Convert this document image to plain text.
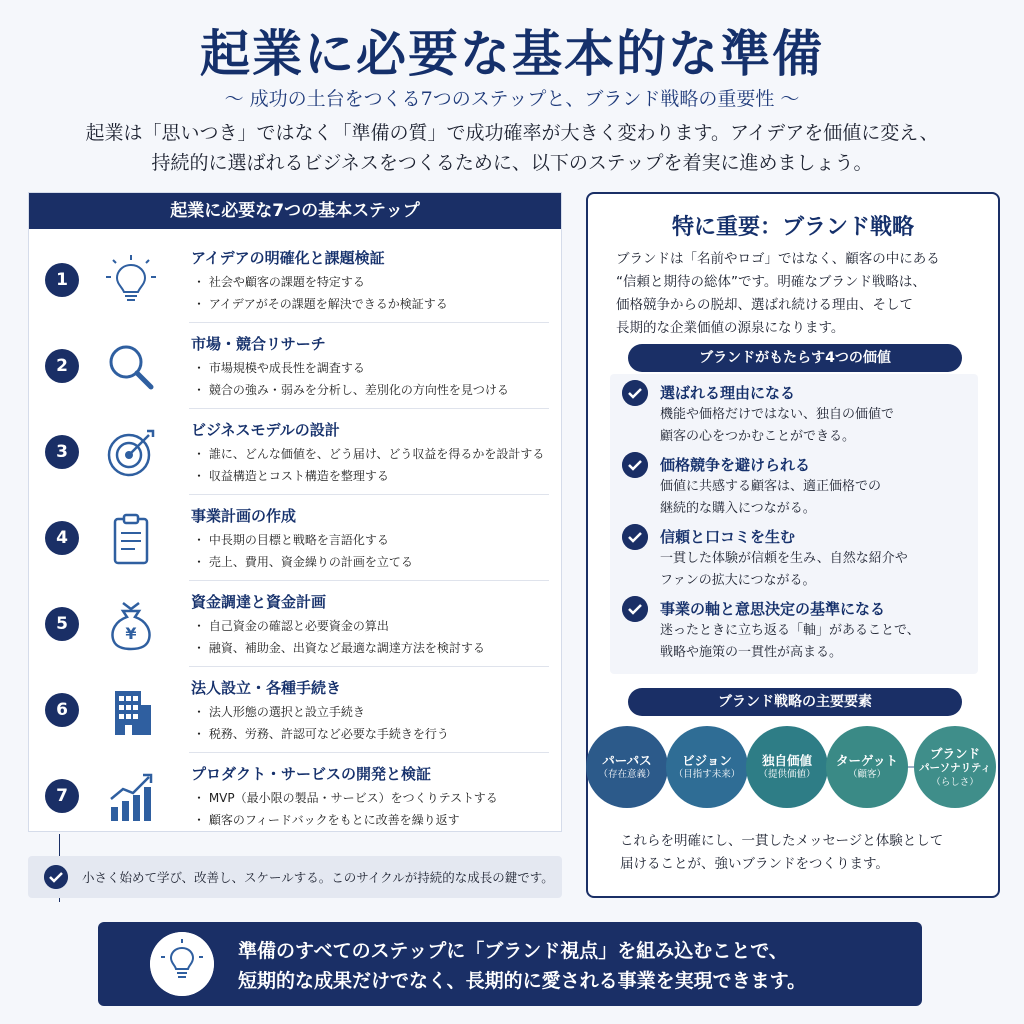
起業に必要な基本的な準備
〜 成功の土台をつくる7つのステップと、ブランド戦略の重要性 〜
起業は「思いつき」ではなく「準備の質」で成功確率が大きく変わります。アイデアを価値に変え、
持続的に選ばれるビジネスをつくるために、以下のステップを着実に進めましょう。
起業に必要な7つの基本ステップ
1
アイデアの明確化と課題検証
・ 社会や顧客の課題を特定する
・ アイデアがその課題を解決できるか検証する
2
市場・競合リサーチ
・ 市場規模や成長性を調査する
・ 競合の強み・弱みを分析し、差別化の方向性を見つける
3
ビジネスモデルの設計
・ 誰に、どんな価値を、どう届け、どう収益を得るかを設計する
・ 収益構造とコスト構造を整理する
4
事業計画の作成
・ 中長期の目標と戦略を言語化する
・ 売上、費用、資金繰りの計画を立てる
5	¥
資金調達と資金計画
・ 自己資金の確認と必要資金の算出
・ 融資、補助金、出資など最適な調達方法を検討する
6
法人設立・各種手続き
・ 法人形態の選択と設立手続き
・ 税務、労務、許認可など必要な手続きを行う
7
プロダクト・サービスの開発と検証
・ MVP（最小限の製品・サービス）をつくりテストする
・ 顧客のフィードバックをもとに改善を繰り返す
小さく始めて学び、改善し、スケールする。このサイクルが持続的な成長の鍵です。
特に重要：ブランド戦略
ブランドは「名前やロゴ」ではなく、顧客の中にある
“信頼と期待の総体”です。明確なブランド戦略は、
価格競争からの脱却、選ばれ続ける理由、そして
長期的な企業価値の源泉になります。
ブランドがもたらす4つの価値
選ばれる理由になる
機能や価格だけではない、独自の価値で
顧客の心をつかむことができる。
価格競争を避けられる
価値に共感する顧客は、適正価格での
継続的な購入につながる。
信頼と口コミを生む
一貫した体験が信頼を生み、自然な紹介や
ファンの拡大につながる。
事業の軸と意思決定の基準になる
迷ったときに立ち返る「軸」があることで、
戦略や施策の一貫性が高まる。
ブランド戦略の主要要素
パーパス
（存在意義）
ビジョン
（目指す未来）
独自価値
（提供価値）
ターゲット
（顧客）
ブランド
パーソナリティ
（らしさ）
これらを明確にし、一貫したメッセージと体験として
届けることが、強いブランドをつくります。
準備のすべてのステップに「ブランド視点」を組み込むことで、
短期的な成果だけでなく、長期的に愛される事業を実現できます。
